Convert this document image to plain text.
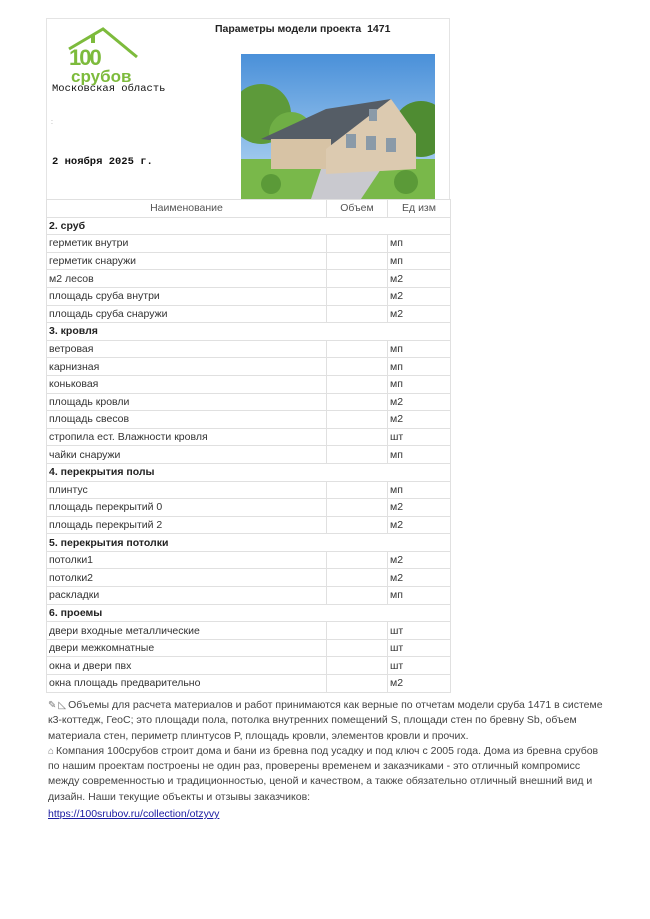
100
срубов
Параметры модели проекта  1471
Московская область
:
2 ноября 2025 г.
Наименование	Объем	Ед изм
2. сруб		
герметик внутри		мп
герметик снаружи		мп
м2 лесов		м2
площадь сруба внутри		м2
площадь сруба снаружи		м2
3. кровля		
ветровая		мп
карнизная		мп
коньковая		мп
площадь кровли		м2
площадь свесов		м2
стропила ест. Влажности кровля		шт
чайки снаружи		мп
4. перекрытия полы		
плинтус		мп
площадь перекрытий 0		м2
площадь перекрытий 2		м2
5. перекрытия потолки		
потолки1		м2
потолки2		м2
раскладки		мп
6. проемы		
двери входные металлические		шт
двери межкомнатные		шт
окна и двери пвх		шт
окна площадь предварительно		м2
✎ ◺ Объемы для расчета материалов и работ принимаются как верные по отчетам модели сруба 1471 в системе к3-коттедж, ГеоС; это площади пола, потолка внутренних помещений S, площади стен по бревну Sb, объем материала стен, периметр плинтусов P, площадь кровли, элементов кровли и прочих.
⌂ Компания 100срубов строит дома и бани из бревна под усадку и под ключ с 2005 года. Дома из бревна срубов по нашим проектам построены не один раз, проверены временем и заказчиками - это отличный компромисс между современностью и традиционностью, ценой и качеством, а также обязательно отличный внешний вид и дизайн. Наши текущие объекты и отзывы заказчиков:
https://100srubov.ru/collection/otzyvy
